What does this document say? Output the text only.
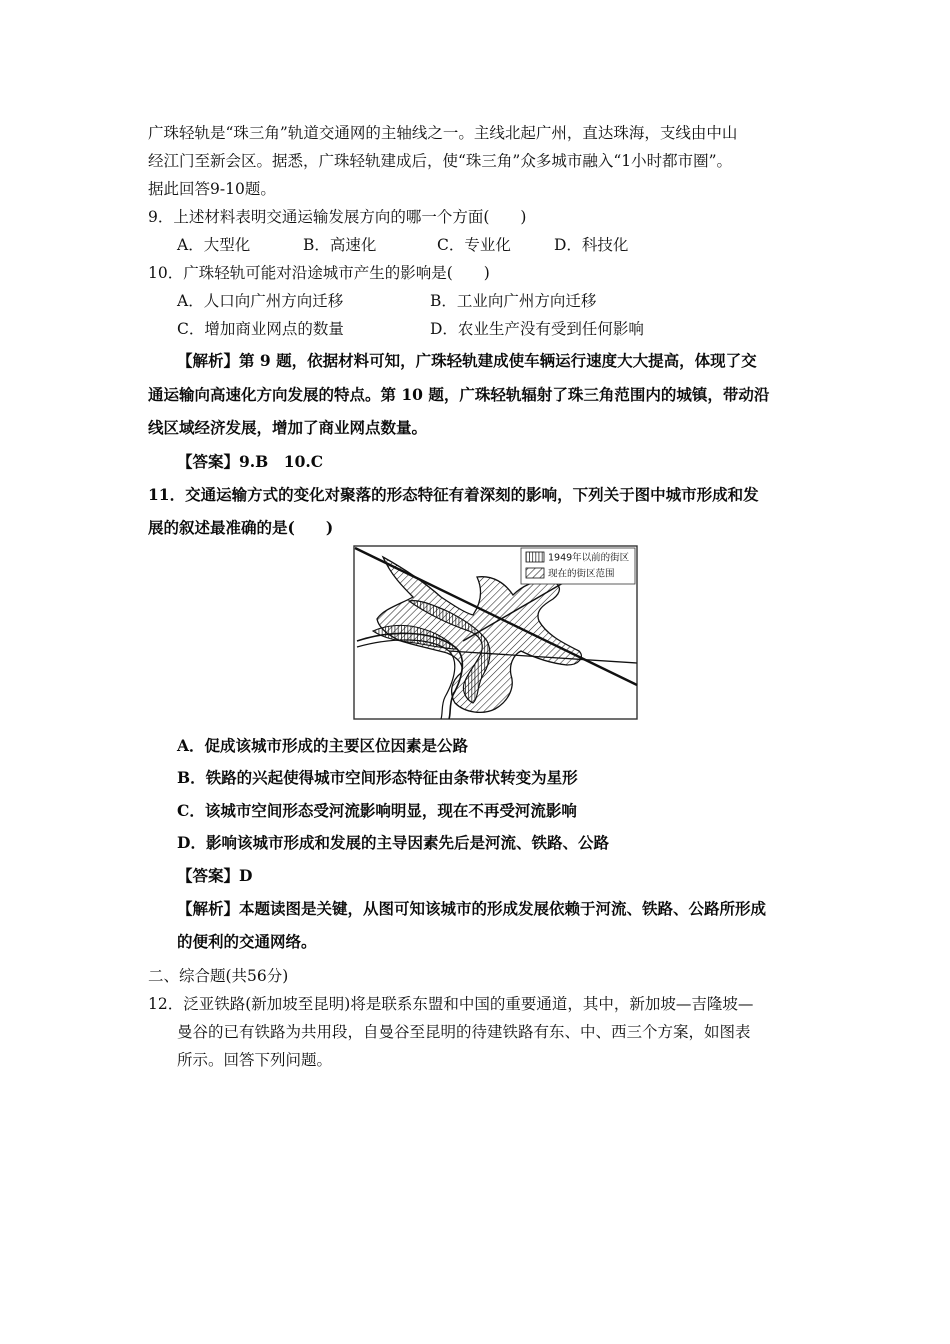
广珠轻轨是“珠三角”轨道交通网的主轴线之一。主线北起广州，直达珠海，支线由中山
经江门至新会区。据悉，广珠轻轨建成后，使“珠三角”众多城市融入“1小时都市圈”。
据此回答9-10题。
9．上述材料表明交通运输发展方向的哪一个方面(　　)
A．大型化	B．高速化	C．专业化	D．科技化
10．广珠轻轨可能对沿途城市产生的影响是(　　)
A．人口向广州方向迁移	B．工业向广州方向迁移
C．增加商业网点的数量	D．农业生产没有受到任何影响
【解析】第 9 题，依据材料可知，广珠轻轨建成使车辆运行速度大大提高，体现了交
通运输向高速化方向发展的特点。第 10 题，广珠轻轨辐射了珠三角范围内的城镇，带动沿
线区域经济发展，增加了商业网点数量。
【答案】9.B　10.C
11．交通运输方式的变化对聚落的形态特征有着深刻的影响，下列关于图中城市形成和发
展的叙述最准确的是(　　)
1949年以前的街区
现在的街区范围
A．促成该城市形成的主要区位因素是公路
B．铁路的兴起使得城市空间形态特征由条带状转变为星形
C．该城市空间形态受河流影响明显，现在不再受河流影响
D．影响该城市形成和发展的主导因素先后是河流、铁路、公路
【答案】D
【解析】本题读图是关键，从图可知该城市的形成发展依赖于河流、铁路、公路所形成
的便利的交通网络。
二、综合题(共56分)
12．泛亚铁路(新加坡至昆明)将是联系东盟和中国的重要通道，其中，新加坡—吉隆坡—
曼谷的已有铁路为共用段，自曼谷至昆明的待建铁路有东、中、西三个方案，如图表
所示。回答下列问题。
